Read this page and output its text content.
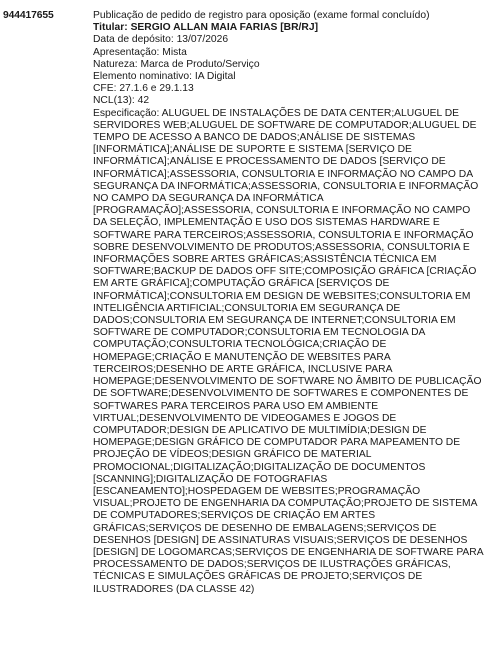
944417655	Publicação de pedido de registro para oposição (exame formal concluído)
Titular: SERGIO ALLAN MAIA FARIAS [BR/RJ]
Data de depósito: 13/07/2026
Apresentação: Mista
Natureza: Marca de Produto/Serviço
Elemento nominativo: IA Digital
CFE: 27.1.6 e 29.1.13
NCL(13): 42
Especificação: ALUGUEL DE INSTALAÇÕES DE DATA CENTER;ALUGUEL DE SERVIDORES WEB;ALUGUEL DE SOFTWARE DE COMPUTADOR;ALUGUEL DE TEMPO DE ACESSO A BANCO DE DADOS;ANÁLISE DE SISTEMAS [INFORMÁTICA];ANÁLISE DE SUPORTE E SISTEMA [SERVIÇO DE INFORMÁTICA];ANÁLISE E PROCESSAMENTO DE DADOS [SERVIÇO DE INFORMÁTICA];ASSESSORIA, CONSULTORIA E INFORMAÇÃO NO CAMPO DA SEGURANÇA DA INFORMÁTICA;ASSESSORIA, CONSULTORIA E INFORMAÇÃO NO CAMPO DA SEGURANÇA DA INFORMÁTICA [PROGRAMAÇÃO];ASSESSORIA, CONSULTORIA E INFORMAÇÃO NO CAMPO DA SELEÇÃO, IMPLEMENTAÇÃO E USO DOS SISTEMAS HARDWARE E SOFTWARE PARA TERCEIROS;ASSESSORIA, CONSULTORIA E INFORMAÇÃO SOBRE DESENVOLVIMENTO DE PRODUTOS;ASSESSORIA, CONSULTORIA E INFORMAÇÕES SOBRE ARTES GRÁFICAS;ASSISTÊNCIA TÉCNICA EM SOFTWARE;BACKUP DE DADOS OFF SITE;COMPOSIÇÃO GRÁFICA [CRIAÇÃO EM ARTE GRÁFICA];COMPUTAÇÃO GRÁFICA [SERVIÇOS DE INFORMÁTICA];CONSULTORIA EM DESIGN DE WEBSITES;CONSULTORIA EM INTELIGÊNCIA ARTIFICIAL;CONSULTORIA EM SEGURANÇA DE DADOS;CONSULTORIA EM SEGURANÇA DE INTERNET;CONSULTORIA EM SOFTWARE DE COMPUTADOR;CONSULTORIA EM TECNOLOGIA DA COMPUTAÇÃO;CONSULTORIA TECNOLÓGICA;CRIAÇÃO DE HOMEPAGE;CRIAÇÃO E MANUTENÇÃO DE WEBSITES PARA TERCEIROS;DESENHO DE ARTE GRÁFICA, INCLUSIVE PARA HOMEPAGE;DESENVOLVIMENTO DE SOFTWARE NO ÂMBITO DE PUBLICAÇÃO DE SOFTWARE;DESENVOLVIMENTO DE SOFTWARES E COMPONENTES DE SOFTWARES PARA TERCEIROS PARA USO EM AMBIENTE VIRTUAL;DESENVOLVIMENTO DE VIDEOGAMES E JOGOS DE COMPUTADOR;DESIGN DE APLICATIVO DE MULTIMÍDIA;DESIGN DE HOMEPAGE;DESIGN GRÁFICO DE COMPUTADOR PARA MAPEAMENTO DE PROJEÇÃO DE VÍDEOS;DESIGN GRÁFICO DE MATERIAL PROMOCIONAL;DIGITALIZAÇÃO;DIGITALIZAÇÃO DE DOCUMENTOS [SCANNING];DIGITALIZAÇÃO DE FOTOGRAFIAS [ESCANEAMENTO];HOSPEDAGEM DE WEBSITES;PROGRAMAÇÃO VISUAL;PROJETO DE ENGENHARIA DA COMPUTAÇÃO;PROJETO DE SISTEMA DE COMPUTADORES;SERVIÇOS DE CRIAÇÃO EM ARTES GRÁFICAS;SERVIÇOS DE DESENHO DE EMBALAGENS;SERVIÇOS DE DESENHOS [DESIGN] DE ASSINATURAS VISUAIS;SERVIÇOS DE DESENHOS [DESIGN] DE LOGOMARCAS;SERVIÇOS DE ENGENHARIA DE SOFTWARE PARA PROCESSAMENTO DE DADOS;SERVIÇOS DE ILUSTRAÇÕES GRÁFICAS, TÉCNICAS E SIMULAÇÕES GRÁFICAS DE PROJETO;SERVIÇOS DE ILUSTRADORES (DA CLASSE 42)
